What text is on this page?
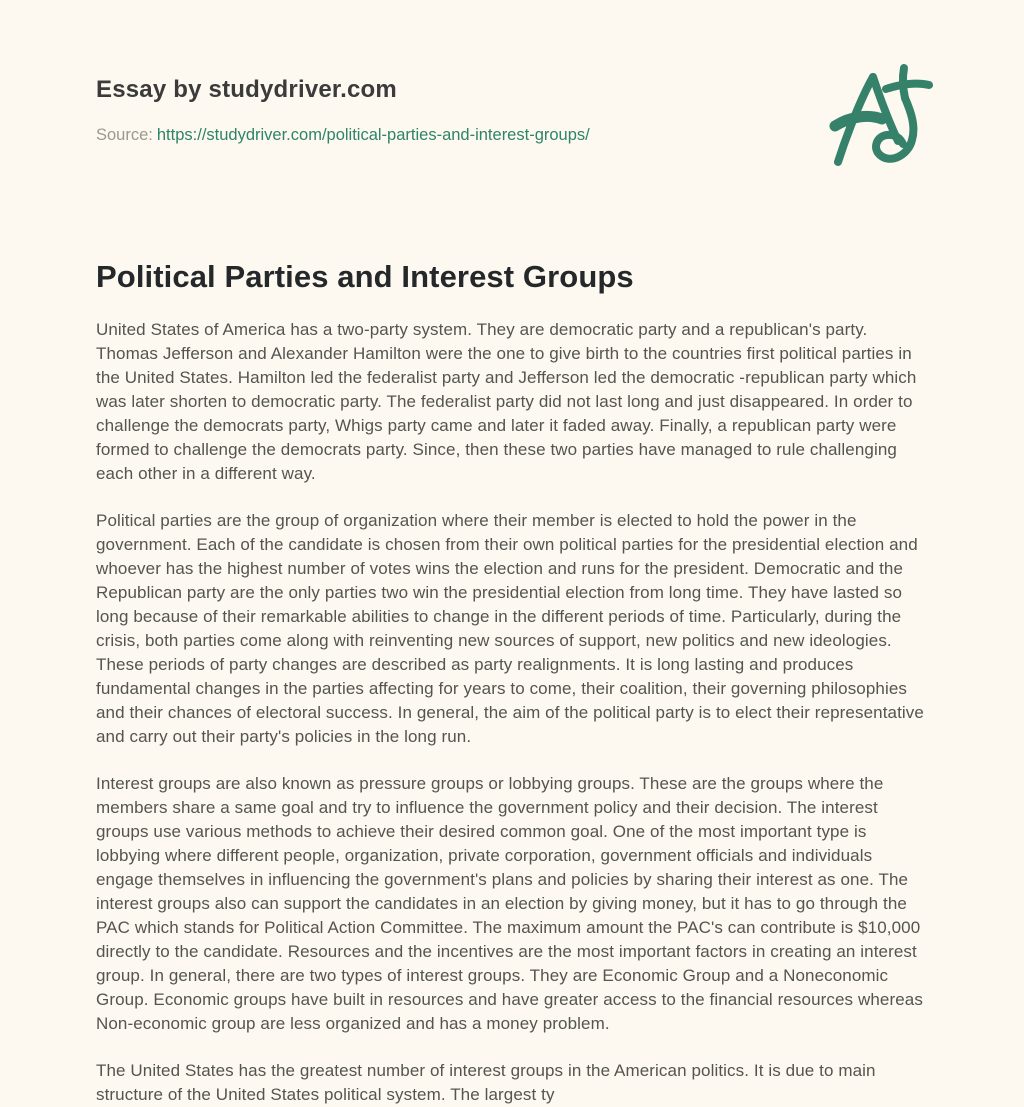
Essay by studydriver.com

Source: https://studydriver.com/political-parties-and-interest-groups/

Political Parties and Interest Groups

United States of America has a two-party system. They are democratic party and a republican's party. Thomas Jefferson and Alexander Hamilton were the one to give birth to the countries first political parties in the United States. Hamilton led the federalist party and Jefferson led the democratic -republican party which was later shorten to democratic party. The federalist party did not last long and just disappeared. In order to challenge the democrats party, Whigs party came and later it faded away. Finally, a republican party were formed to challenge the democrats party. Since, then these two parties have managed to rule challenging each other in a different way.

Political parties are the group of organization where their member is elected to hold the power in the government. Each of the candidate is chosen from their own political parties for the presidential election and whoever has the highest number of votes wins the election and runs for the president. Democratic and the Republican party are the only parties two win the presidential election from long time. They have lasted so long because of their remarkable abilities to change in the different periods of time. Particularly, during the crisis, both parties come along with reinventing new sources of support, new politics and new ideologies. These periods of party changes are described as party realignments. It is long lasting and produces fundamental changes in the parties affecting for years to come, their coalition, their governing philosophies and their chances of electoral success. In general, the aim of the political party is to elect their representative and carry out their party's policies in the long run.

Interest groups are also known as pressure groups or lobbying groups. These are the groups where the members share a same goal and try to influence the government policy and their decision. The interest groups use various methods to achieve their desired common goal. One of the most important type is lobbying where different people, organization, private corporation, government officials and individuals engage themselves in influencing the government's plans and policies by sharing their interest as one. The interest groups also can support the candidates in an election by giving money, but it has to go through the PAC which stands for Political Action Committee. The maximum amount the PAC's can contribute is $10,000 directly to the candidate. Resources and the incentives are the most important factors in creating an interest group. In general, there are two types of interest groups. They are Economic Group and a Noneconomic Group. Economic groups have built in resources and have greater access to the financial resources whereas Non-economic group are less organized and has a money problem.

The United States has the greatest number of interest groups in the American politics. It is due to main structure of the United States political system. The largest ty
